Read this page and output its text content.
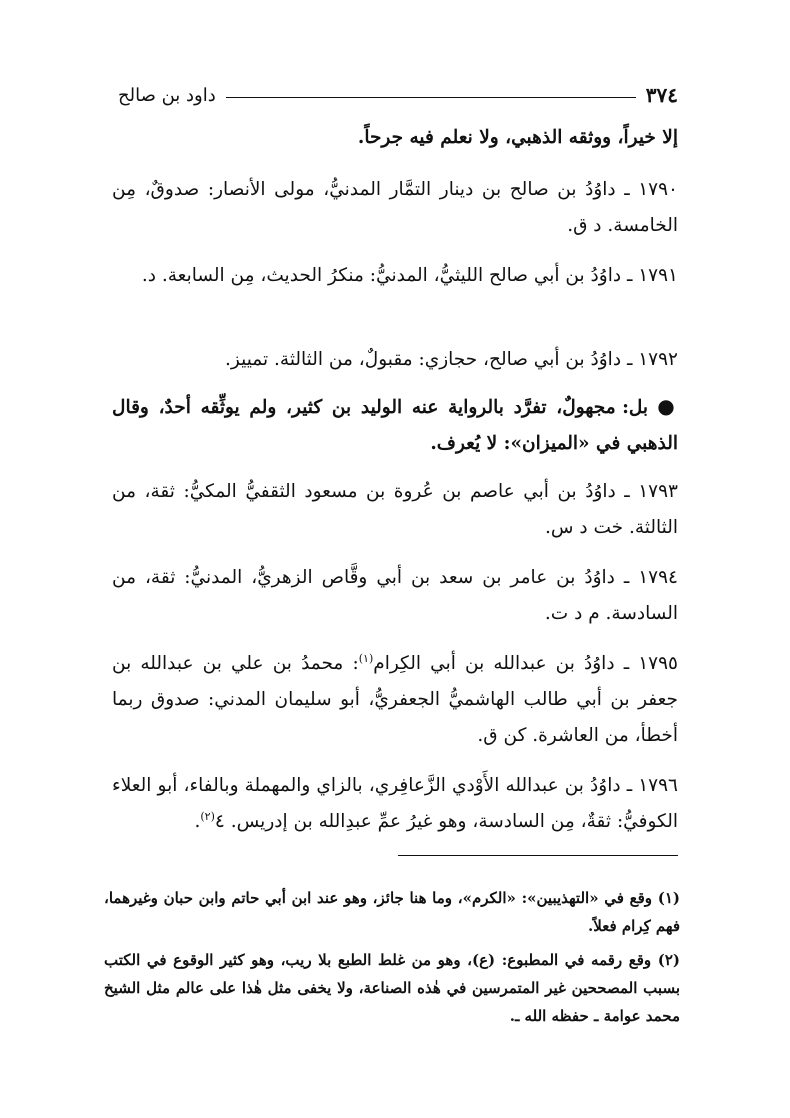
٣٧٤
داود بن صالح
إلا خيراً، ووثقه الذهبي، ولا نعلم فيه جرحاً.
١٧٩٠ ـ داوُدُ بن صالح بن دينار التمَّار المدنيُّ، مولى الأنصار: صدوقٌ، مِن الخامسة. د ق.
١٧٩١ ـ داوُدُ بن أبي صالح الليثيُّ، المدنيُّ: منكرُ الحديث، مِن السابعة. د.
١٧٩٢ ـ داوُدُ بن أبي صالح، حجازي: مقبولٌ، من الثالثة. تمييز.
● بل: مجهولٌ، تفرَّد بالرواية عنه الوليد بن كثير، ولم يوثِّقه أحدٌ، وقال الذهبي في «الميزان»: لا يُعرف.
١٧٩٣ ـ داوُدُ بن أبي عاصم بن عُروة بن مسعود الثقفيُّ المكيُّ: ثقة، من الثالثة. خت د س.
١٧٩٤ ـ داوُدُ بن عامر بن سعد بن أبي وقَّاص الزهريُّ، المدنيُّ: ثقة، من السادسة. م د ت.
١٧٩٥ ـ داوُدُ بن عبدالله بن أبي الكِرام$^{(١)}$: محمدُ بن علي بن عبدالله بن جعفر بن أبي طالب الهاشميُّ الجعفريُّ، أبو سليمان المدني: صدوق ربما أخطأ، من العاشرة. كن ق.
١٧٩٦ ـ داوُدُ بن عبدالله الأَوْدي الزَّعافِري، بالزاي والمهملة وبالفاء، أبو العلاء الكوفيُّ: ثقةٌ، مِن السادسة، وهو غيرُ عمِّ عبدِالله بن إدريس. ٤$^{(٢)}$.
(١) وقع في «التهذيبين»: «الكرم»، وما هنا جائز، وهو عند ابن أبي حاتم وابن حبان وغيرهما، فهم كِرام فعلاً.
(٢) وقع رقمه في المطبوع: (ع)، وهو من غلط الطبع بلا ريب، وهو كثير الوقوع في الكتب بسبب المصححين غير المتمرسين في هٰذه الصناعة، ولا يخفى مثل هٰذا على عالم مثل الشيخ محمد عوامة ـ حفظه الله ـ.
